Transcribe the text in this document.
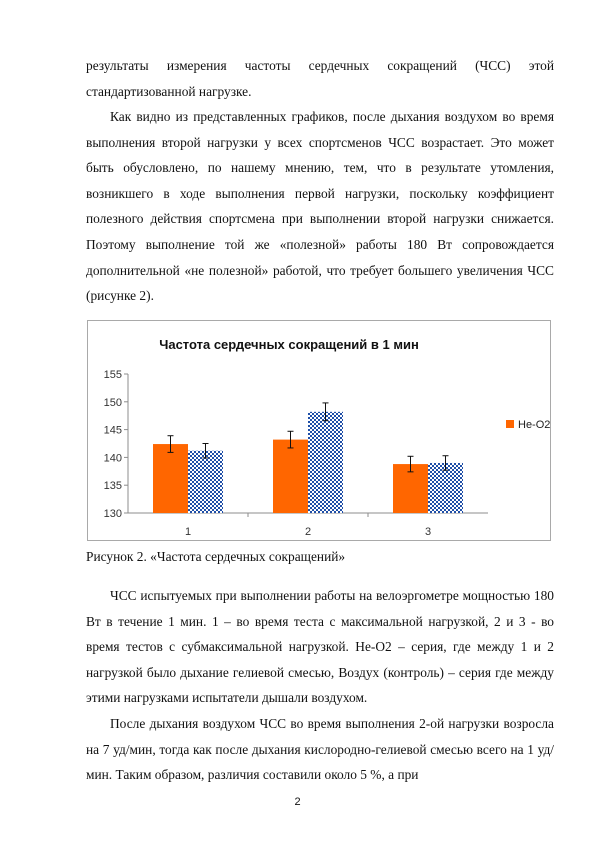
результаты измерения частоты сердечных сокращений (ЧСС) этой стандартизованной нагрузке.

Как видно из представленных графиков, после дыхания воздухом во время выполнения второй нагрузки у всех спортсменов ЧСС возрастает. Это может быть обусловлено, по нашему мнению, тем, что в результате утомления, возникшего в ходе выполнения первой нагрузки, поскольку коэффициент полезного действия спортсмена при выполнении второй нагрузки снижается. Поэтому выполнение той же «полезной» работы 180 Вт сопровождается дополнительной «не полезной» работой, что требует большего увеличения ЧСС (рисунке 2).

Частота сердечных сокращений в 1 мин
130
135
140
145
150
155
1	2	3
He-O2

Рисунок 2. «Частота сердечных сокращений»

ЧСС испытуемых при выполнении работы на велоэргометре мощностью 180 Вт в течение 1 мин. 1 – во время теста с максимальной нагрузкой, 2 и 3 - во время тестов с субмаксимальной нагрузкой. He-O2 – серия, где между 1 и 2 нагрузкой было дыхание гелиевой смесью, Воздух (контроль) – серия где между этими нагрузками испытатели дышали воздухом.

После дыхания воздухом ЧСС во время выполнения 2-ой нагрузки возросла на 7 уд/мин, тогда как после дыхания кислородно-гелиевой смесью всего на 1 уд/мин. Таким образом, различия составили около 5 %, а при

2
